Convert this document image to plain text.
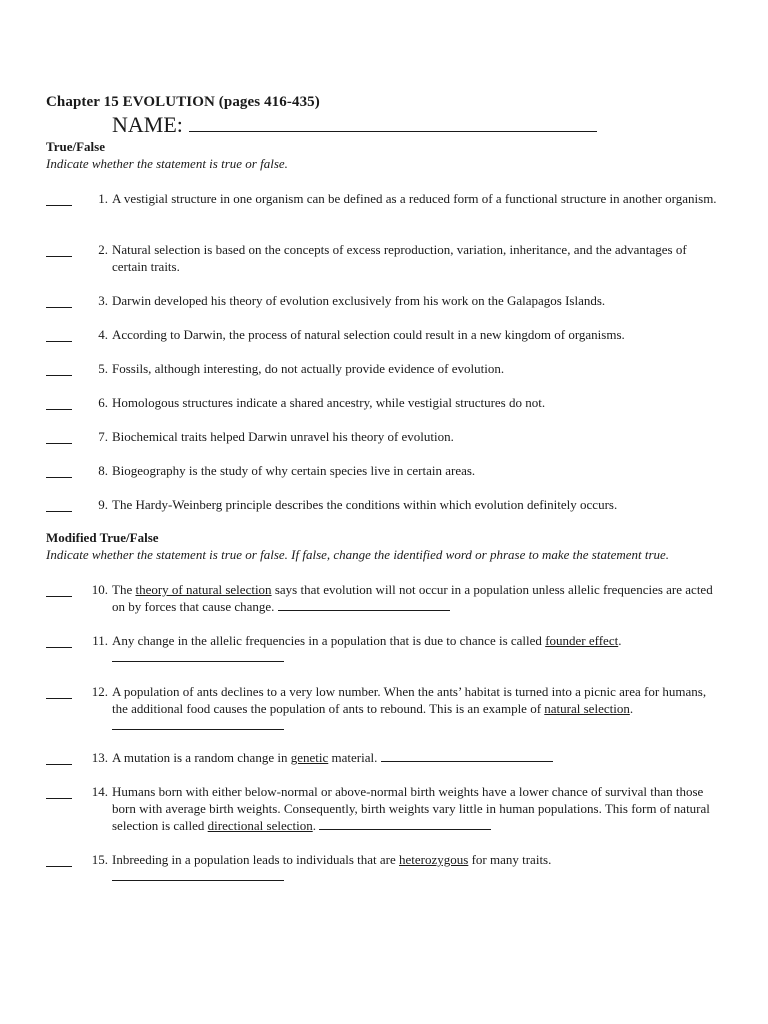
Chapter 15 EVOLUTION (pages 416-435)
NAME:
True/False
Indicate whether the statement is true or false.
1. A vestigial structure in one organism can be defined as a reduced form of a functional structure in another organism.
2. Natural selection is based on the concepts of excess reproduction, variation, inheritance, and the advantages of certain traits.
3. Darwin developed his theory of evolution exclusively from his work on the Galapagos Islands.
4. According to Darwin, the process of natural selection could result in a new kingdom of organisms.
5. Fossils, although interesting, do not actually provide evidence of evolution.
6. Homologous structures indicate a shared ancestry, while vestigial structures do not.
7. Biochemical traits helped Darwin unravel his theory of evolution.
8. Biogeography is the study of why certain species live in certain areas.
9. The Hardy-Weinberg principle describes the conditions within which evolution definitely occurs.
Modified True/False
Indicate whether the statement is true or false. If false, change the identified word or phrase to make the statement true.
10. The theory of natural selection says that evolution will not occur in a population unless allelic frequencies are acted on by forces that cause change.
11. Any change in the allelic frequencies in a population that is due to chance is called founder effect.

12. A population of ants declines to a very low number. When the ants’ habitat is turned into a picnic area for humans, the additional food causes the population of ants to rebound. This is an example of natural selection.
13. A mutation is a random change in genetic material.
14. Humans born with either below-normal or above-normal birth weights have a lower chance of survival than those born with average birth weights. Consequently, birth weights vary little in human populations. This form of natural selection is called directional selection.
15. Inbreeding in a population leads to individuals that are heterozygous for many traits.
